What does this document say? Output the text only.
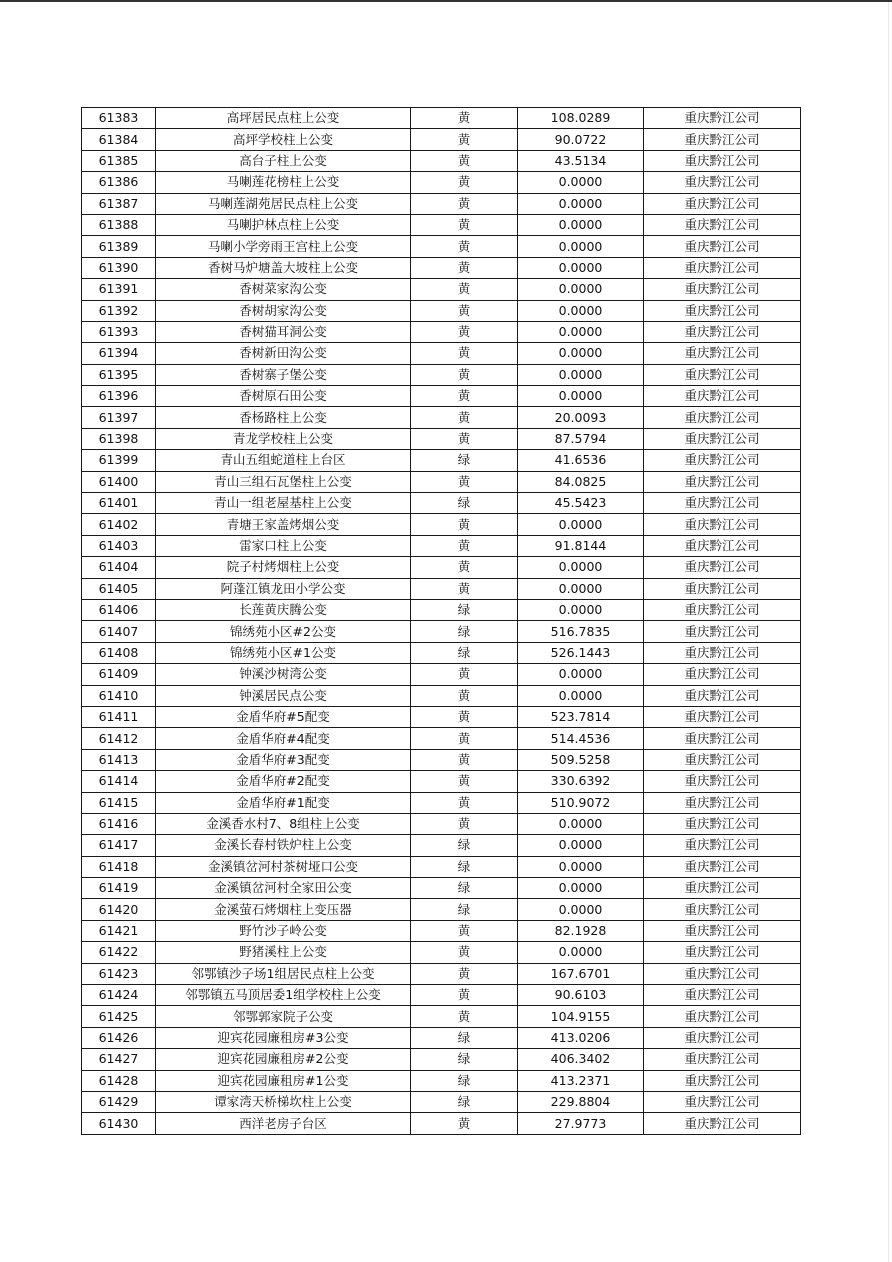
61383	高坪居民点柱上公变	黄	108.0289	重庆黔江公司
61384	高坪学校柱上公变	黄	90.0722	重庆黔江公司
61385	高台子柱上公变	黄	43.5134	重庆黔江公司
61386	马喇莲花榜柱上公变	黄	0.0000	重庆黔江公司
61387	马喇莲湖苑居民点柱上公变	黄	0.0000	重庆黔江公司
61388	马喇护林点柱上公变	黄	0.0000	重庆黔江公司
61389	马喇小学旁雨王宫柱上公变	黄	0.0000	重庆黔江公司
61390	香树马炉塘盖大坡柱上公变	黄	0.0000	重庆黔江公司
61391	香树菜家沟公变	黄	0.0000	重庆黔江公司
61392	香树胡家沟公变	黄	0.0000	重庆黔江公司
61393	香树猫耳洞公变	黄	0.0000	重庆黔江公司
61394	香树新田沟公变	黄	0.0000	重庆黔江公司
61395	香树寨子堡公变	黄	0.0000	重庆黔江公司
61396	香树原石田公变	黄	0.0000	重庆黔江公司
61397	香杨路柱上公变	黄	20.0093	重庆黔江公司
61398	青龙学校柱上公变	黄	87.5794	重庆黔江公司
61399	青山五组蛇道柱上台区	绿	41.6536	重庆黔江公司
61400	青山三组石瓦堡柱上公变	黄	84.0825	重庆黔江公司
61401	青山一组老屋基柱上公变	绿	45.5423	重庆黔江公司
61402	青塘王家盖烤烟公变	黄	0.0000	重庆黔江公司
61403	雷家口柱上公变	黄	91.8144	重庆黔江公司
61404	院子村烤烟柱上公变	黄	0.0000	重庆黔江公司
61405	阿蓬江镇龙田小学公变	黄	0.0000	重庆黔江公司
61406	长莲黄庆腾公变	绿	0.0000	重庆黔江公司
61407	锦绣苑小区#2公变	绿	516.7835	重庆黔江公司
61408	锦绣苑小区#1公变	绿	526.1443	重庆黔江公司
61409	钟溪沙树湾公变	黄	0.0000	重庆黔江公司
61410	钟溪居民点公变	黄	0.0000	重庆黔江公司
61411	金盾华府#5配变	黄	523.7814	重庆黔江公司
61412	金盾华府#4配变	黄	514.4536	重庆黔江公司
61413	金盾华府#3配变	黄	509.5258	重庆黔江公司
61414	金盾华府#2配变	黄	330.6392	重庆黔江公司
61415	金盾华府#1配变	黄	510.9072	重庆黔江公司
61416	金溪香水村7、8组柱上公变	黄	0.0000	重庆黔江公司
61417	金溪长春村铁炉柱上公变	绿	0.0000	重庆黔江公司
61418	金溪镇岔河村茶树垭口公变	绿	0.0000	重庆黔江公司
61419	金溪镇岔河村全家田公变	绿	0.0000	重庆黔江公司
61420	金溪萤石烤烟柱上变压器	绿	0.0000	重庆黔江公司
61421	野竹沙子岭公变	黄	82.1928	重庆黔江公司
61422	野猪溪柱上公变	黄	0.0000	重庆黔江公司
61423	邻鄂镇沙子场1组居民点柱上公变	黄	167.6701	重庆黔江公司
61424	邻鄂镇五马顶居委1组学校柱上公变	黄	90.6103	重庆黔江公司
61425	邻鄂郭家院子公变	黄	104.9155	重庆黔江公司
61426	迎宾花园廉租房#3公变	绿	413.0206	重庆黔江公司
61427	迎宾花园廉租房#2公变	绿	406.3402	重庆黔江公司
61428	迎宾花园廉租房#1公变	绿	413.2371	重庆黔江公司
61429	谭家湾天桥梯坎柱上公变	绿	229.8804	重庆黔江公司
61430	西洋老房子台区	黄	27.9773	重庆黔江公司
